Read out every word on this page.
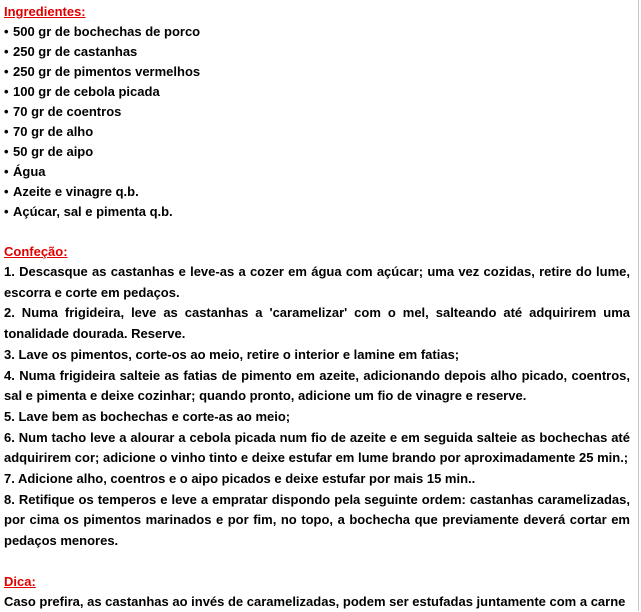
Ingredientes:
• 500 gr de bochechas de porco
• 250 gr de castanhas
• 250 gr de pimentos vermelhos
• 100 gr de cebola picada
• 70 gr de coentros
• 70 gr de alho
• 50 gr de aipo
• Água
• Azeite e vinagre q.b.
• Açúcar, sal e pimenta q.b.
Confeção:

1. Descasque as castanhas e leve-as a cozer em água com açúcar; uma vez cozidas, retire do lume, escorra e corte em pedaços.

2. Numa frigideira, leve as castanhas a 'caramelizar' com o mel, salteando até adquirirem uma tonalidade dourada. Reserve.

3. Lave os pimentos, corte-os ao meio, retire o interior e lamine em fatias;

4. Numa frigideira salteie as fatias de pimento em azeite, adicionando depois alho picado, coentros, sal e pimenta e deixe cozinhar; quando pronto, adicione um fio de vinagre e reserve.

5. Lave bem as bochechas e corte-as ao meio;

6. Num tacho leve a alourar a cebola picada num fio de azeite e em seguida salteie as bochechas até adquirirem cor; adicione o vinho tinto e deixe estufar em lume brando por aproximadamente 25 min.;

7. Adicione alho, coentros e o aipo picados e deixe estufar por mais 15 min..

8. Retifique os temperos e leve a empratar dispondo pela seguinte ordem: castanhas caramelizadas, por cima os pimentos marinados e por fim, no topo, a bochecha que previamente deverá cortar em pedaços menores.

Dica:

Caso prefira, as castanhas ao invés de caramelizadas, podem ser estufadas juntamente com a carne
